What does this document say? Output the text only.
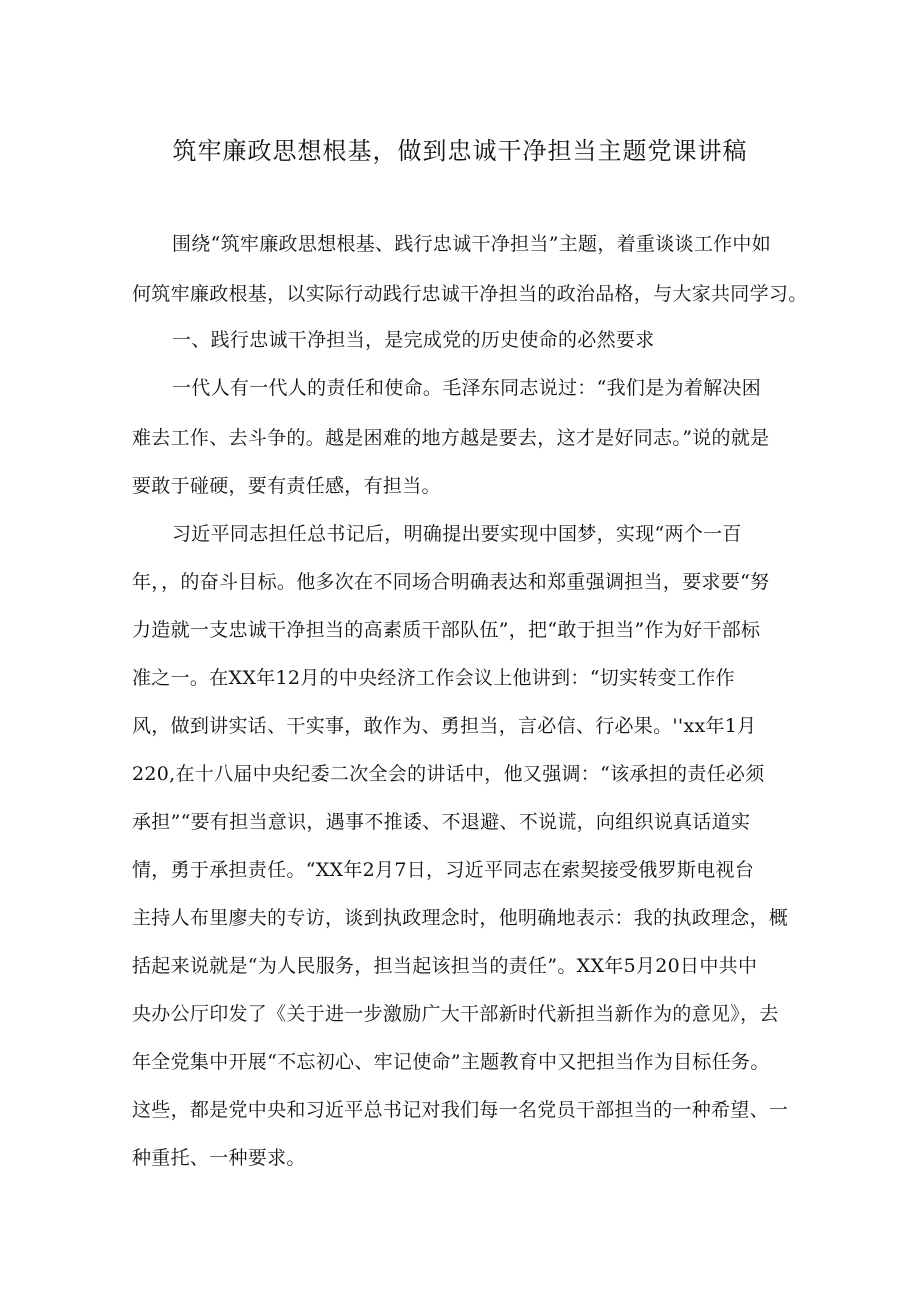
筑牢廉政思想根基，做到忠诚干净担当主题党课讲稿
围绕“筑牢廉政思想根基、践行忠诚干净担当”主题，着重谈谈工作中如
何筑牢廉政根基，以实际行动践行忠诚干净担当的政治品格，与大家共同学习。
一、践行忠诚干净担当，是完成党的历史使命的必然要求
一代人有一代人的责任和使命。毛泽东同志说过：“我们是为着解决困
难去工作、去斗争的。越是困难的地方越是要去，这才是好同志。”说的就是
要敢于碰硬，要有责任感，有担当。
习近平同志担任总书记后，明确提出要实现中国梦，实现“两个一百
年，，的奋斗目标。他多次在不同场合明确表达和郑重强调担当，要求要“努
力造就一支忠诚干净担当的高素质干部队伍”，把“敢于担当”作为好干部标
准之一。在XX年12月的中央经济工作会议上他讲到：“切实转变工作作
风，做到讲实话、干实事，敢作为、勇担当，言必信、行必果。''xx年1月
220,在十八届中央纪委二次全会的讲话中，他又强调：“该承担的责任必须
承担”“要有担当意识，遇事不推诿、不退避、不说谎，向组织说真话道实
情，勇于承担责任。“XX年2月7日，习近平同志在索契接受俄罗斯电视台
主持人布里廖夫的专访，谈到执政理念时，他明确地表示：我的执政理念，概
括起来说就是“为人民服务，担当起该担当的责任”。XX年5月20日中共中
央办公厅印发了《关于进一步激励广大干部新时代新担当新作为的意见》，去
年全党集中开展“不忘初心、牢记使命”主题教育中又把担当作为目标任务。
这些，都是党中央和习近平总书记对我们每一名党员干部担当的一种希望、一
种重托、一种要求。
